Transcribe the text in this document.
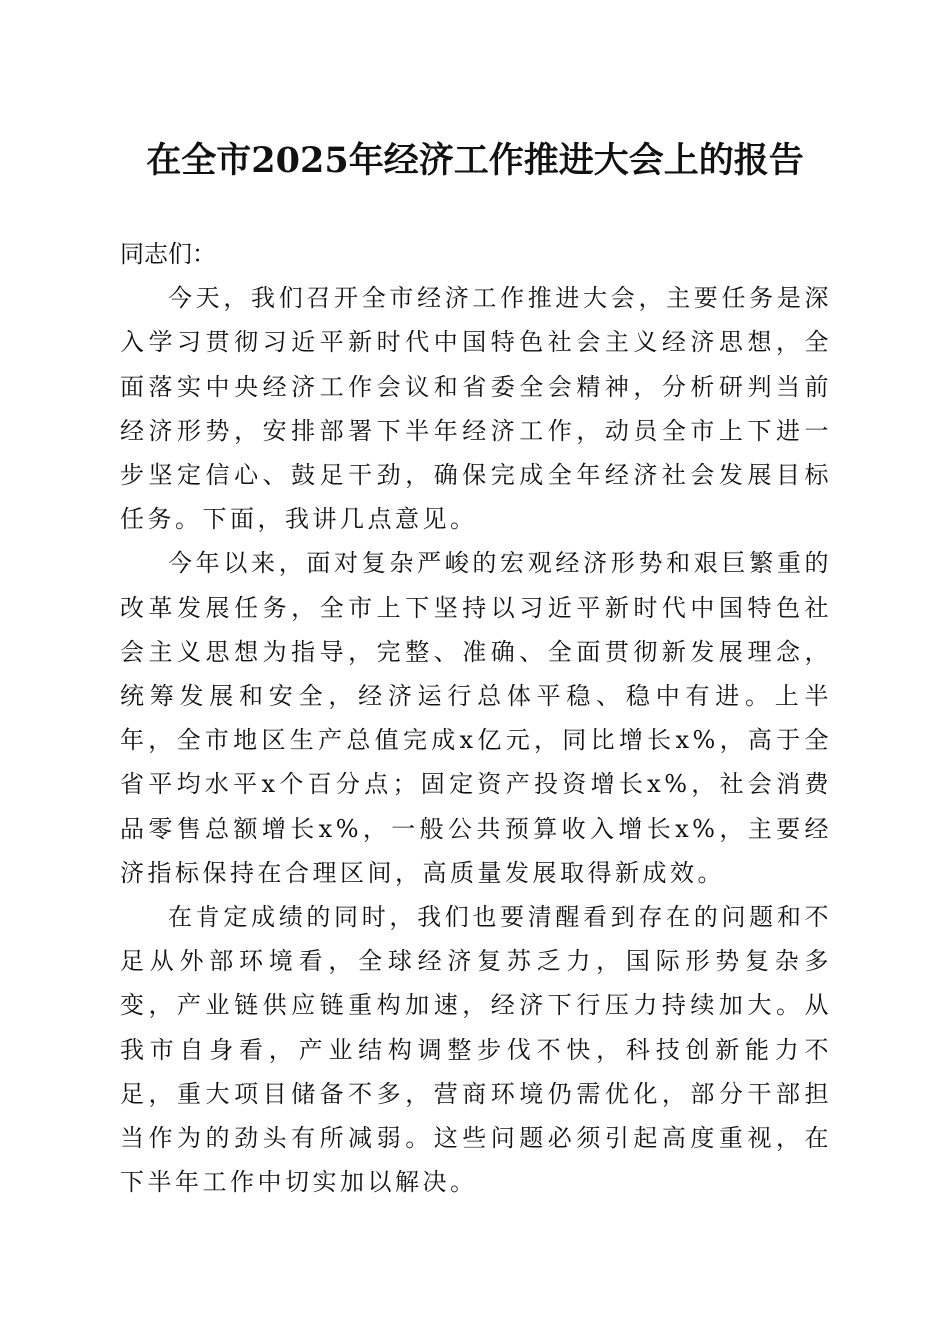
在全市2025年经济工作推进大会上的报告

同志们：

今天，我们召开全市经济工作推进大会，主要任务是深入学习贯彻习近平新时代中国特色社会主义经济思想，全面落实中央经济工作会议和省委全会精神，分析研判当前经济形势，安排部署下半年经济工作，动员全市上下进一步坚定信心、鼓足干劲，确保完成全年经济社会发展目标任务。下面，我讲几点意见。

今年以来，面对复杂严峻的宏观经济形势和艰巨繁重的改革发展任务，全市上下坚持以习近平新时代中国特色社会主义思想为指导，完整、准确、全面贯彻新发展理念，统筹发展和安全，经济运行总体平稳、稳中有进。上半年，全市地区生产总值完成x亿元，同比增长x%，高于全省平均水平x个百分点；固定资产投资增长x%，社会消费品零售总额增长x%，一般公共预算收入增长x%，主要经济指标保持在合理区间，高质量发展取得新成效。

在肯定成绩的同时，我们也要清醒看到存在的问题和不足从外部环境看，全球经济复苏乏力，国际形势复杂多变，产业链供应链重构加速，经济下行压力持续加大。从我市自身看，产业结构调整步伐不快，科技创新能力不足，重大项目储备不多，营商环境仍需优化，部分干部担当作为的劲头有所减弱。这些问题必须引起高度重视，在下半年工作中切实加以解决。
